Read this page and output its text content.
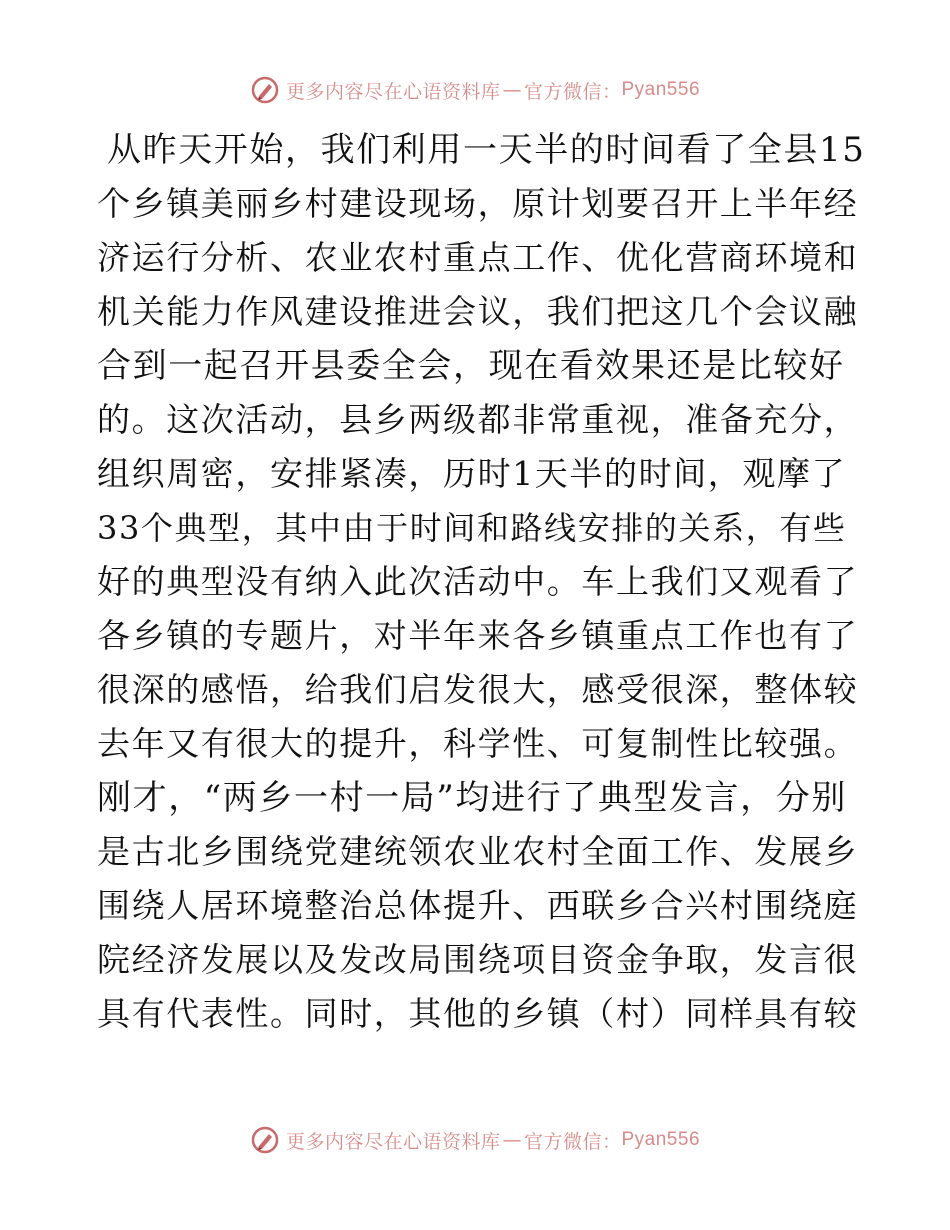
更多内容尽在心语资料库 — 官方微信： Pyan556
从昨天开始，我们利用一天半的时间看了全县15
个乡镇美丽乡村建设现场，原计划要召开上半年经
济运行分析、农业农村重点工作、优化营商环境和
机关能力作风建设推进会议，我们把这几个会议融
合到一起召开县委全会，现在看效果还是比较好
的。这次活动，县乡两级都非常重视，准备充分，
组织周密，安排紧凑，历时1天半的时间，观摩了
33个典型，其中由于时间和路线安排的关系，有些
好的典型没有纳入此次活动中。车上我们又观看了
各乡镇的专题片，对半年来各乡镇重点工作也有了
很深的感悟，给我们启发很大，感受很深，整体较
去年又有很大的提升，科学性、可复制性比较强。
刚才，“两乡一村一局”均进行了典型发言，分别
是古北乡围绕党建统领农业农村全面工作、发展乡
围绕人居环境整治总体提升、西联乡合兴村围绕庭
院经济发展以及发改局围绕项目资金争取，发言很
具有代表性。同时，其他的乡镇（村）同样具有较
更多内容尽在心语资料库 — 官方微信： Pyan556
